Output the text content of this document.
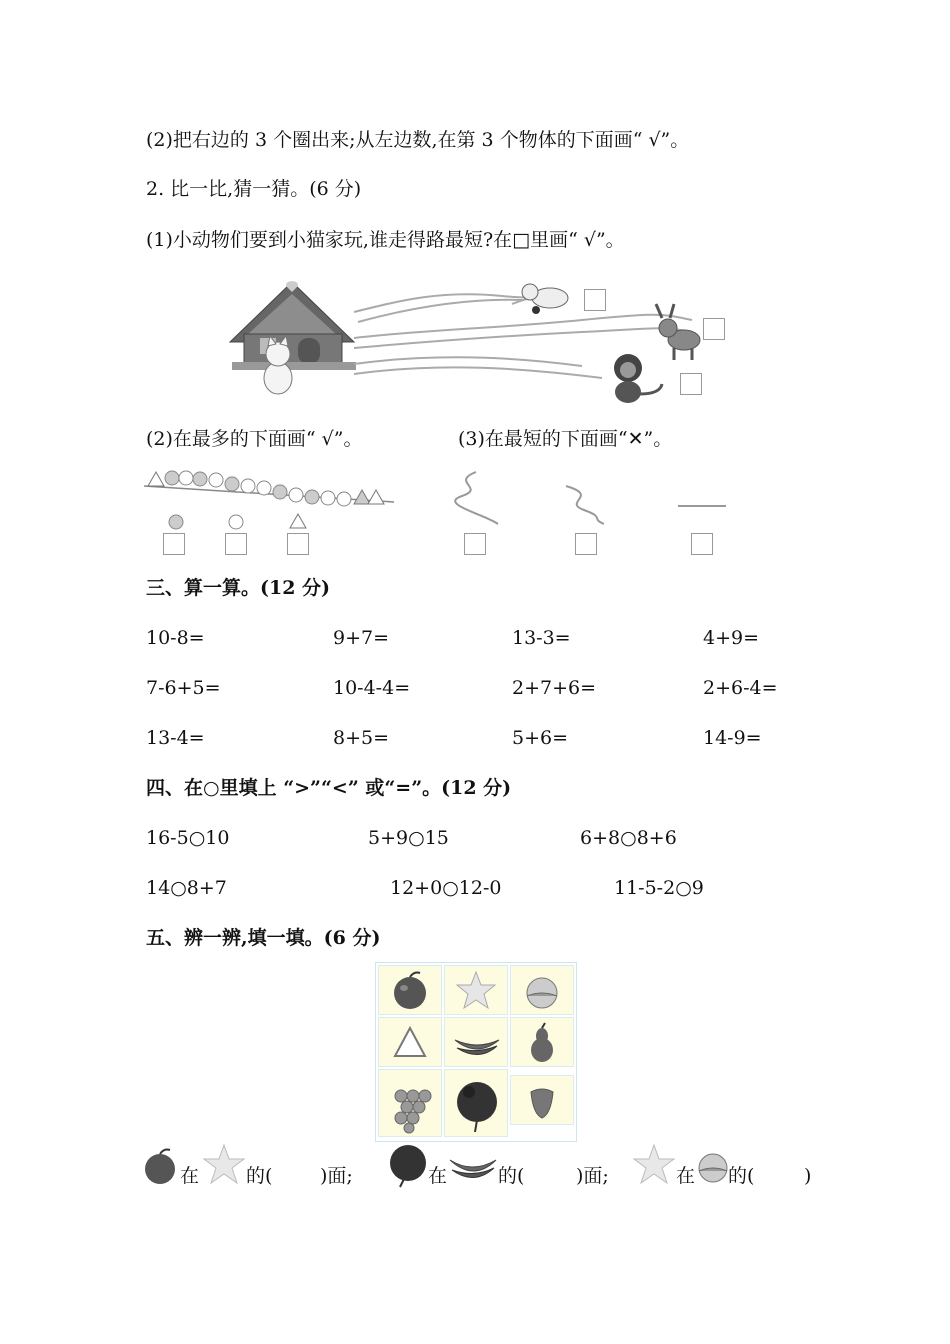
(2)把右边的 3 个圈出来;从左边数,在第 3 个物体的下面画“ √”。
2. 比一比,猜一猜。(6 分)
(1)小动物们要到小猫家玩,谁走得路最短?在□里画“ √”。
(2)在最多的下面画“ √”。	(3)在最短的下面画“✕”。
三、算一算。(12 分)
10-8=	9+7=	13-3=	4+9=
7-6+5=	10-4-4=	2+7+6=	2+6-4=
13-4=	8+5=	5+6=	14-9=
四、在○里填上 “>”“<” 或“=”。(12 分)
16-5○10	5+9○15	6+8○8+6
14○8+7	12+0○12-0	11-5-2○9
五、辨一辨,填一填。(6 分)
在 的(	)面;	在	的(	)面;	在 的(	)
